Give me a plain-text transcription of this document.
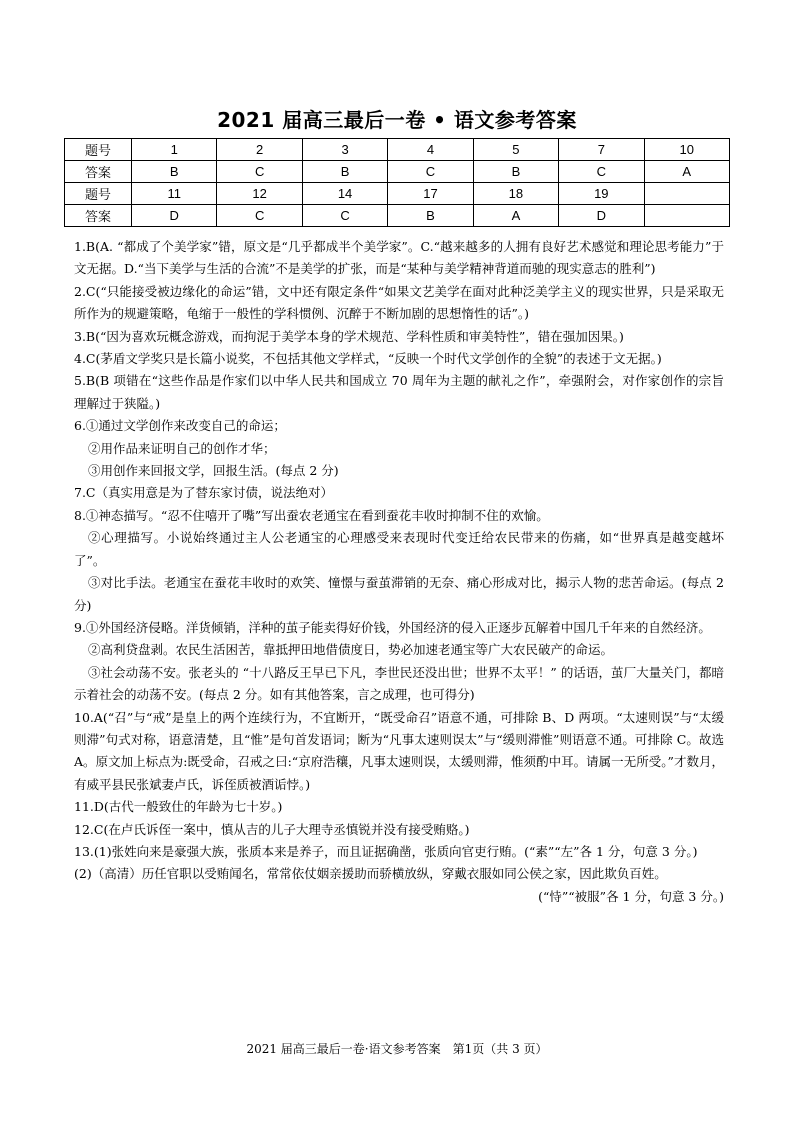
2021 届高三最后一卷 • 语文参考答案
题号	1	2	3	4	5	7	10
答案	B	C	B	C	B	C	A
题号	11	12	14	17	18	19	
答案	D	C	C	B	A	D	

1.B(A. “都成了个美学家”错，原文是“几乎都成半个美学家”。C.“越来越多的人拥有良好艺术感觉和理论思考能力”于文无据。D.“当下美学与生活的合流”不是美学的扩张，而是“某种与美学精神背道而驰的现实意志的胜利”)

2.C(“只能接受被边缘化的命运”错，文中还有限定条件“如果文艺美学在面对此种泛美学主义的现实世界，只是采取无所作为的规避策略，龟缩于一般性的学科惯例、沉醉于不断加剧的思想惰性的话”。)

3.B(“因为喜欢玩概念游戏，而拘泥于美学本身的学术规范、学科性质和审美特性”，错在强加因果。)

4.C(茅盾文学奖只是长篇小说奖，不包括其他文学样式，“反映一个时代文学创作的全貌”的表述于文无据。)

5.B(B 项错在“这些作品是作家们以中华人民共和国成立 70 周年为主题的献礼之作”，牵强附会，对作家创作的宗旨理解过于狭隘。)

6.①通过文学创作来改变自己的命运；

②用作品来证明自己的创作才华；

③用创作来回报文学，回报生活。(每点 2 分)

7.C（真实用意是为了替东家讨债，说法绝对）

8.①神态描写。“忍不住嘻开了嘴”写出蚕农老通宝在看到蚕花丰收时抑制不住的欢愉。

②心理描写。小说始终通过主人公老通宝的心理感受来表现时代变迁给农民带来的伤痛，如“世界真是越变越坏了”。

③对比手法。老通宝在蚕花丰收时的欢笑、憧憬与蚕茧滞销的无奈、痛心形成对比，揭示人物的悲苦命运。(每点 2 分)

9.①外国经济侵略。洋货倾销，洋种的茧子能卖得好价钱，外国经济的侵入正逐步瓦解着中国几千年来的自然经济。

②高利贷盘剥。农民生活困苦，靠抵押田地借债度日，势必加速老通宝等广大农民破产的命运。

③社会动荡不安。张老头的 “十八路反王早已下凡，李世民还没出世；世界不太平！” 的话语，茧厂大量关门，都暗示着社会的动荡不安。(每点 2 分。如有其他答案，言之成理，也可得分)

10.A(“召”与“戒”是皇上的两个连续行为，不宜断开，“既受命召”语意不通，可排除 B、D 两项。“太速则误”与“太缓则滞”句式对称，语意清楚，且“惟”是句首发语词；断为“凡事太速则误太”与“缓则滞惟”则语意不通。可排除 C。故选 A。原文加上标点为:既受命，召戒之曰:“京府浩穰，凡事太速则误，太缓则滞，惟须酌中耳。请属一无所受。”才数月，有威平县民张斌妻卢氏，诉侄质被酒诟悖。)

11.D(古代一般致仕的年龄为七十岁。)

12.C(在卢氏诉侄一案中，慎从吉的儿子大理寺丞慎锐并没有接受贿赂。)

13.(1)张姓向来是豪强大族，张质本来是养子，而且证据确凿，张质向官吏行贿。(“素”“左”各 1 分，句意 3 分。)

(2)（高清）历任官职以受贿闻名，常常依仗姻亲援助而骄横放纵，穿戴衣服如同公侯之家，因此欺负百姓。

(“恃”“被服”各 1 分，句意 3 分。)

2021 届高三最后一卷·语文参考答案　第1页（共 3 页）
